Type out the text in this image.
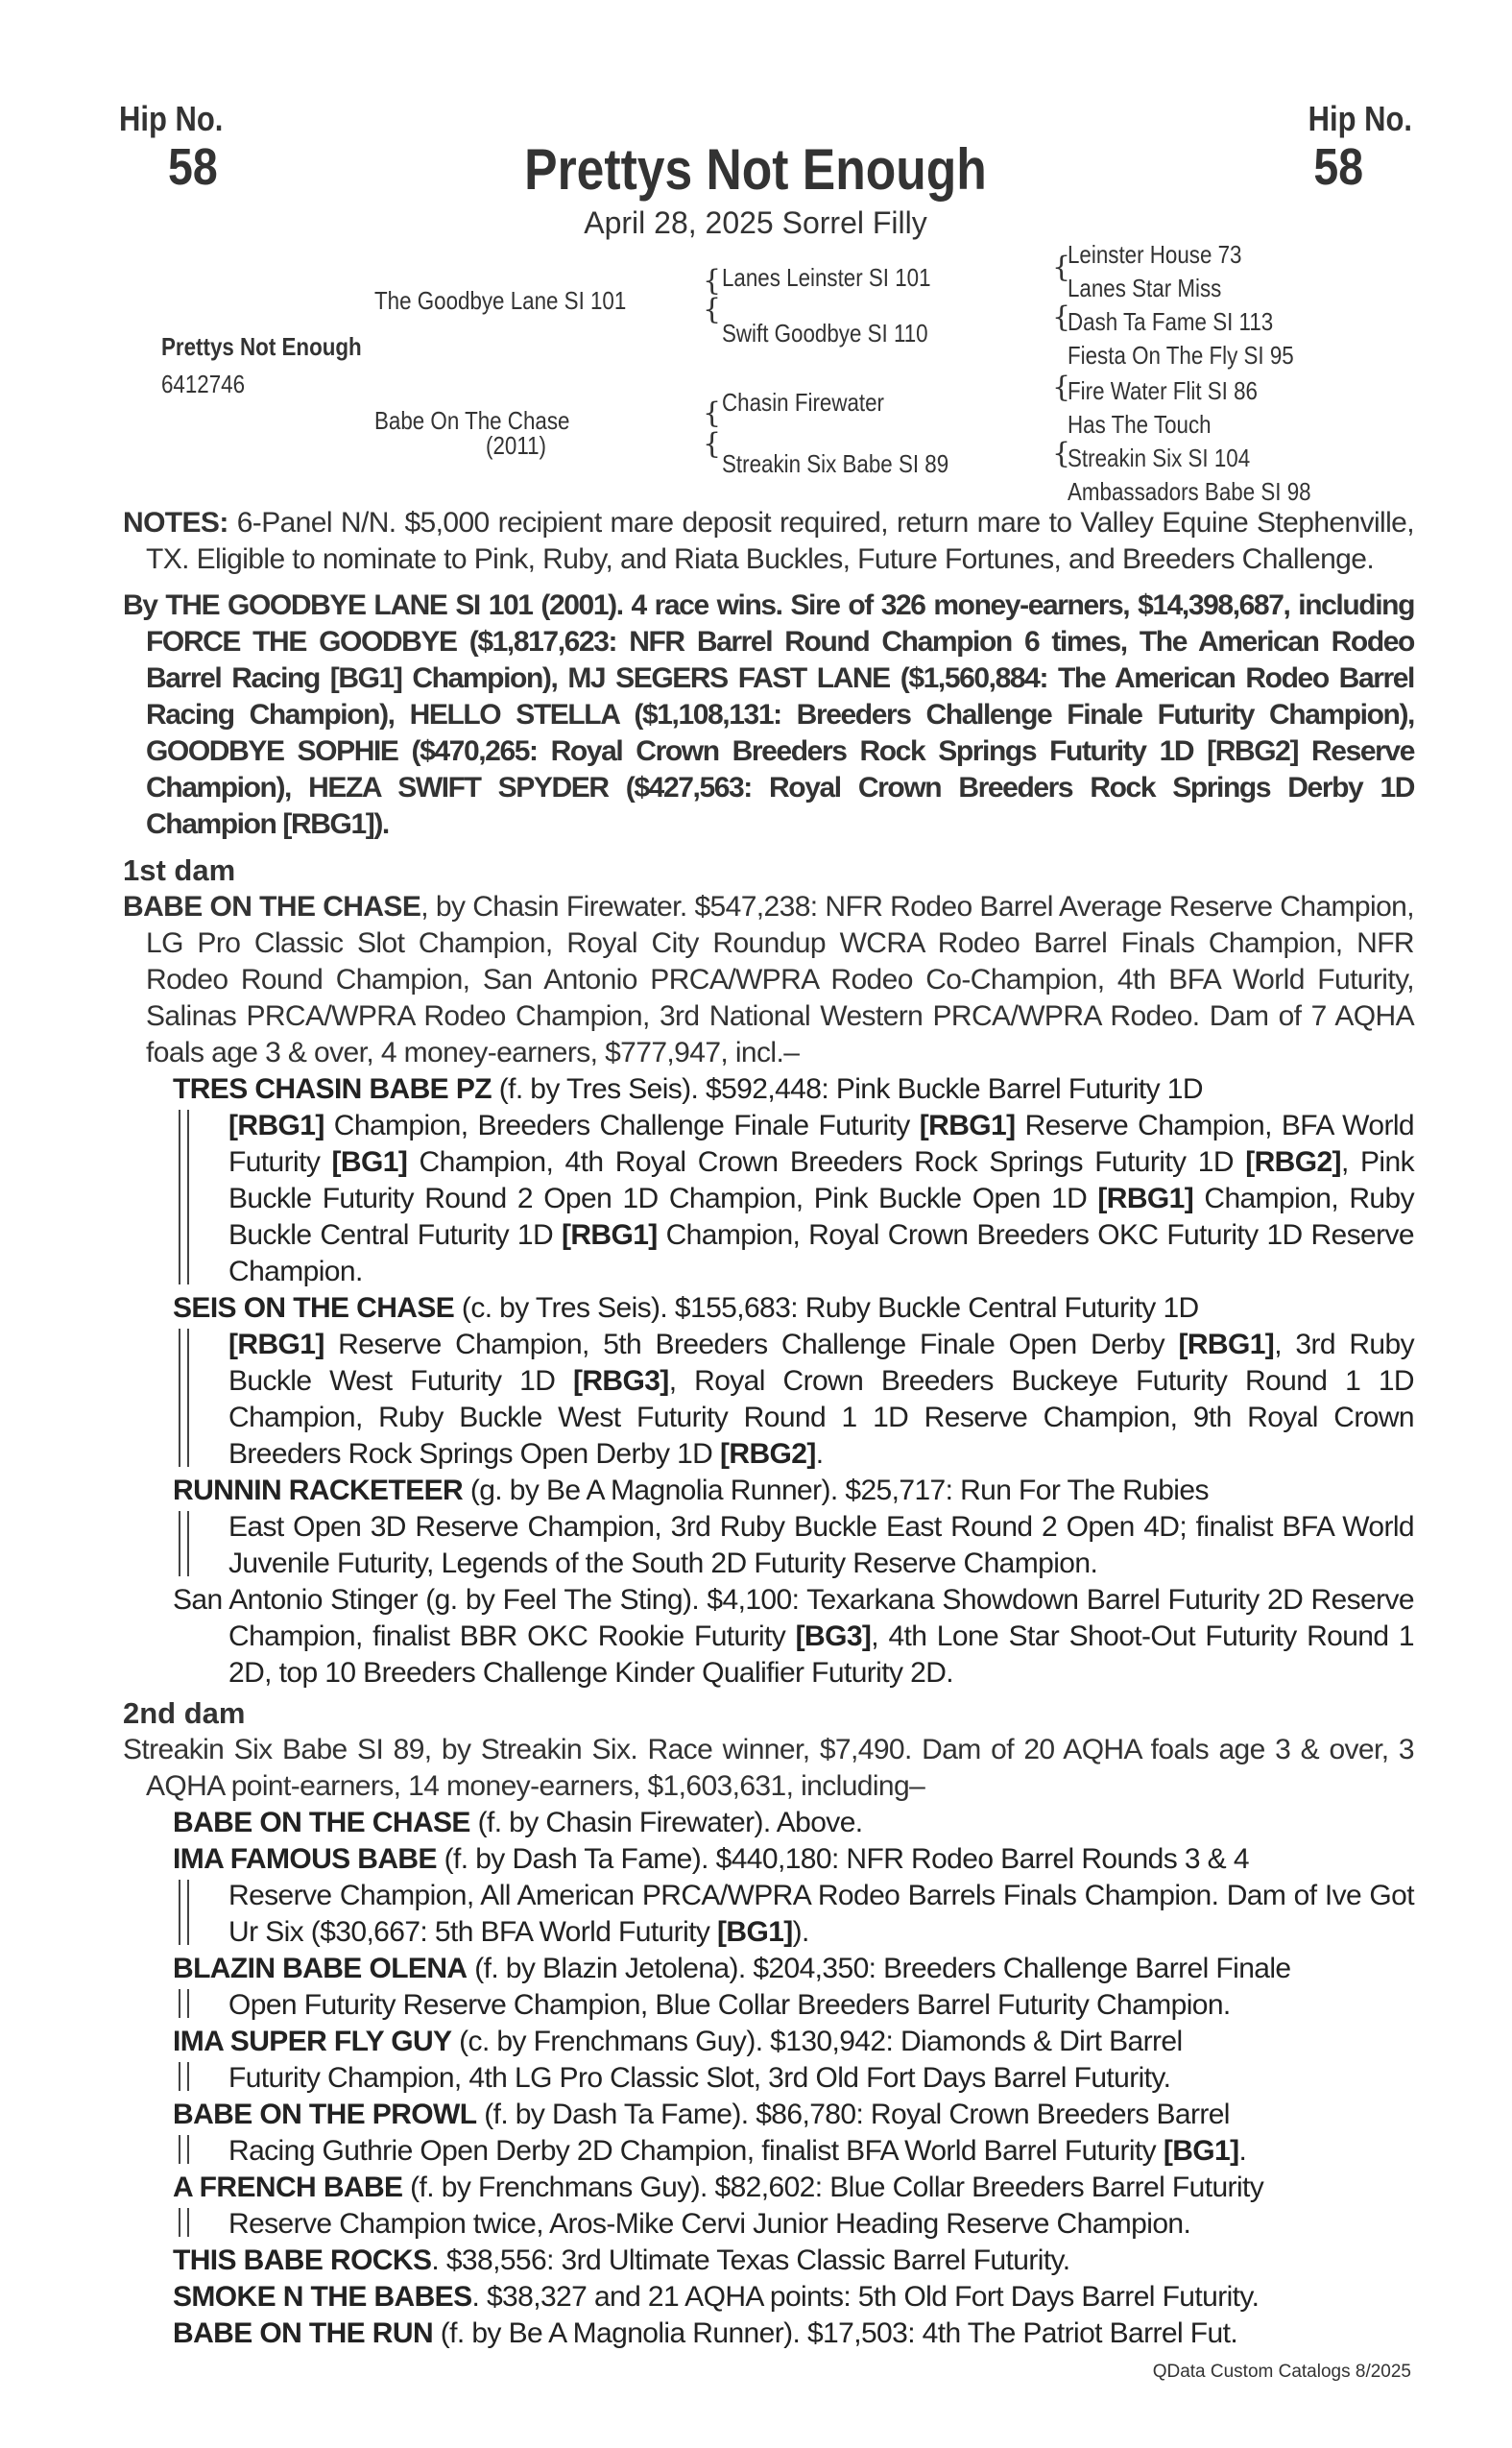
Hip No.
58
Hip No.
58
Prettys Not Enough
April 28, 2025 Sorrel Filly
Prettys Not Enough
6412746
The Goodbye Lane SI 101
Babe On The Chase
(2011)
{
{
{
{
Lanes Leinster SI 101
Swift Goodbye SI 110
Chasin Firewater
Streakin Six Babe SI 89
{
{
{
{
Leinster House 73
Lanes Star Miss
Dash Ta Fame SI 113
Fiesta On The Fly SI 95
Fire Water Flit SI 86
Has The Touch
Streakin Six SI 104
Ambassadors Babe SI 98

NOTES: 6-Panel N/N. $5,000 recipient mare deposit required, return mare to Valley Equine Stephenville, TX. Eligible to nominate to Pink, Ruby, and Riata Buckles, Future Fortunes, and Breeders Challenge.

By THE GOODBYE LANE SI 101 (2001). 4 race wins. Sire of 326 money-earners, $14,398,687, including FORCE THE GOODBYE ($1,817,623: NFR Barrel Round Champion 6 times, The American Rodeo Barrel Racing [BG1] Champion), MJ SEGERS FAST LANE ($1,560,884: The American Rodeo Barrel Racing Champion), HELLO STELLA ($1,108,131: Breeders Challenge Finale Futurity Champion), GOODBYE SOPHIE ($470,265: Royal Crown Breeders Rock Springs Futurity 1D [RBG2] Reserve Champion), HEZA SWIFT SPYDER ($427,563: Royal Crown Breeders Rock Springs Derby 1D Champion [RBG1]).

1st dam

BABE ON THE CHASE, by Chasin Firewater. $547,238: NFR Rodeo Barrel Average Reserve Champion, LG Pro Classic Slot Champion, Royal City Roundup WCRA Rodeo Barrel Finals Champion, NFR Rodeo Round Champion, San Antonio PRCA/WPRA Rodeo Co-Champion, 4th BFA World Futurity, Salinas PRCA/WPRA Rodeo Champion, 3rd National Western PRCA/WPRA Rodeo. Dam of 7 AQHA foals age 3 & over, 4 money-earners, $777,947, incl.–

TRES CHASIN BABE PZ (f. by Tres Seis). $592,448: Pink Buckle Barrel Futurity 1D
[RBG1] Champion, Breeders Challenge Finale Futurity [RBG1] Reserve Champion, BFA World Futurity [BG1] Champion, 4th Royal Crown Breeders Rock Springs Futurity 1D [RBG2], Pink Buckle Futurity Round 2 Open 1D Champion, Pink Buckle Open 1D [RBG1] Champion, Ruby Buckle Central Futurity 1D [RBG1] Champion, Royal Crown Breeders OKC Futurity 1D Reserve Champion.
SEIS ON THE CHASE (c. by Tres Seis). $155,683: Ruby Buckle Central Futurity 1D
[RBG1] Reserve Champion, 5th Breeders Challenge Finale Open Derby [RBG1], 3rd Ruby Buckle West Futurity 1D [RBG3], Royal Crown Breeders Buckeye Futurity Round 1 1D Champion, Ruby Buckle West Futurity Round 1 1D Reserve Champion, 9th Royal Crown Breeders Rock Springs Open Derby 1D [RBG2].
RUNNIN RACKETEER (g. by Be A Magnolia Runner). $25,717: Run For The Rubies
East Open 3D Reserve Champion, 3rd Ruby Buckle East Round 2 Open 4D; finalist BFA World Juvenile Futurity, Legends of the South 2D Futurity Reserve Champion.
San Antonio Stinger (g. by Feel The Sting). $4,100: Texarkana Showdown Barrel Futurity 2D Reserve Champion, finalist BBR OKC Rookie Futurity [BG3], 4th Lone Star Shoot-Out Futurity Round 1 2D, top 10 Breeders Challenge Kinder Qualifier Futurity 2D.
2nd dam

Streakin Six Babe SI 89, by Streakin Six. Race winner, $7,490. Dam of 20 AQHA foals age 3 & over, 3 AQHA point-earners, 14 money-earners, $1,603,631, including–

BABE ON THE CHASE (f. by Chasin Firewater). Above.
IMA FAMOUS BABE (f. by Dash Ta Fame). $440,180: NFR Rodeo Barrel Rounds 3 & 4
Reserve Champion, All American PRCA/WPRA Rodeo Barrels Finals Champion. Dam of Ive Got Ur Six ($30,667: 5th BFA World Futurity [BG1]).
BLAZIN BABE OLENA (f. by Blazin Jetolena). $204,350: Breeders Challenge Barrel Finale
Open Futurity Reserve Champion, Blue Collar Breeders Barrel Futurity Champion.
IMA SUPER FLY GUY (c. by Frenchmans Guy). $130,942: Diamonds & Dirt Barrel
Futurity Champion, 4th LG Pro Classic Slot, 3rd Old Fort Days Barrel Futurity.
BABE ON THE PROWL (f. by Dash Ta Fame). $86,780: Royal Crown Breeders Barrel
Racing Guthrie Open Derby 2D Champion, finalist BFA World Barrel Futurity [BG1].
A FRENCH BABE (f. by Frenchmans Guy). $82,602: Blue Collar Breeders Barrel Futurity
Reserve Champion twice, Aros-Mike Cervi Junior Heading Reserve Champion.
THIS BABE ROCKS. $38,556: 3rd Ultimate Texas Classic Barrel Futurity.
SMOKE N THE BABES. $38,327 and 21 AQHA points: 5th Old Fort Days Barrel Futurity.
BABE ON THE RUN (f. by Be A Magnolia Runner). $17,503: 4th The Patriot Barrel Fut.
QData Custom Catalogs 8/2025
